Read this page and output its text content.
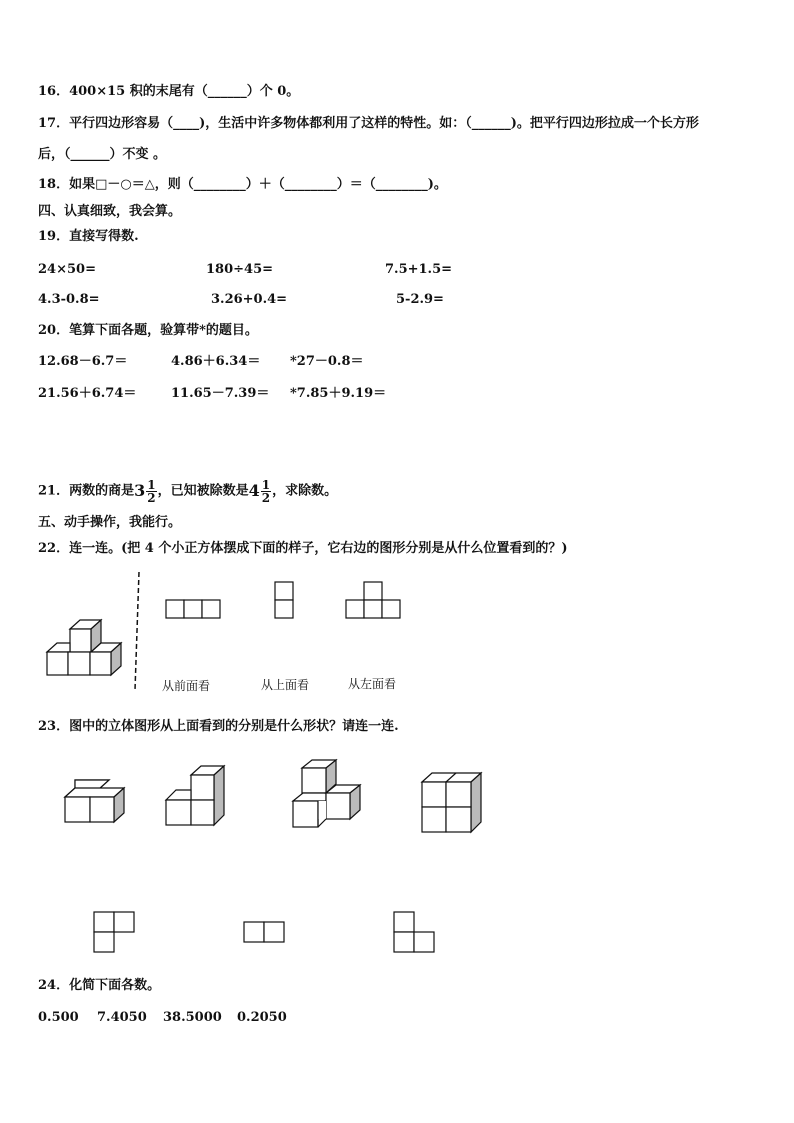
16．400×15 积的末尾有（______）个 0。
17．平行四边形容易（____)，生活中许多物体都利用了这样的特性。如：（______)。把平行四边形拉成一个长方形
后，（______）不变 。
18．如果□－○＝△，则（________）＋（________）＝（________)。
四、认真细致，我会算。
19．直接写得数.
24×50=	180÷45=	7.5+1.5=
4.3-0.8=	3.26+0.4=	5-2.9=
20．笔算下面各题，验算带*的题目。
12.68－6.7＝	4.86＋6.34＝ *27－0.8＝
21.56＋6.74＝	11.65－7.39＝ *7.85＋9.19＝
21．两数的商是$3 \frac{1}{2}$ ，已知被除数是$4 \frac{1}{2}$ ，求除数。
五、动手操作，我能行。
22．连一连。(把 4 个小正方体摆成下面的样子，它右边的图形分别是从什么位置看到的？)
从前面看	从上面看	从左面看
23．图中的立体图形从上面看到的分别是什么形状？请连一连.
24．化简下面各数。
0.500 7.4050 38.5000 0.2050
